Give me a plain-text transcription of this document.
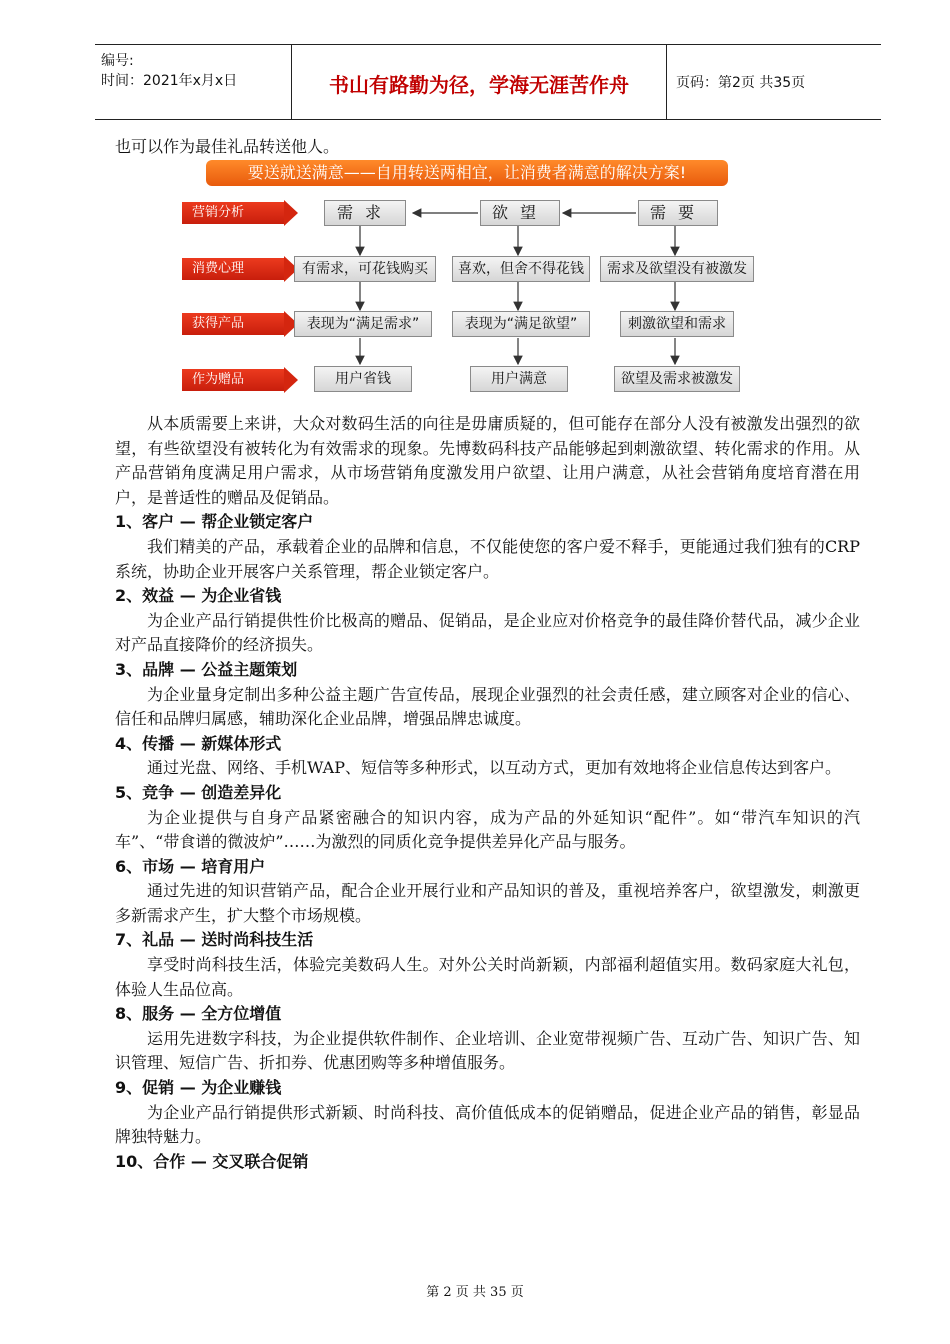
编号:
时间：2021年x月x日	书山有路勤为径，学海无涯苦作舟	页码：第2页 共35页
也可以作为最佳礼品转送他人。
要送就送满意——自用转送两相宜，让消费者满意的解决方案!
营销分析
消费心理
获得产品
作为赠品
需求	欲望	需要
有需求，可花钱购买	喜欢，但舍不得花钱	需求及欲望没有被激发
表现为“满足需求”	表现为“满足欲望”	刺激欲望和需求
用户省钱	用户满意	欲望及需求被激发

从本质需要上来讲，大众对数码生活的向往是毋庸质疑的，但可能存在部分人没有被激发出强烈的欲望，有些欲望没有被转化为有效需求的现象。先博数码科技产品能够起到刺激欲望、转化需求的作用。从产品营销角度满足用户需求，从市场营销角度激发用户欲望、让用户满意，从社会营销角度培育潜在用户，是普适性的赠品及促销品。

1、客户 — 帮企业锁定客户

我们精美的产品，承载着企业的品牌和信息，不仅能使您的客户爱不释手，更能通过我们独有的CRP系统，协助企业开展客户关系管理，帮企业锁定客户。

2、效益 — 为企业省钱

为企业产品行销提供性价比极高的赠品、促销品，是企业应对价格竞争的最佳降价替代品，减少企业对产品直接降价的经济损失。

3、品牌 — 公益主题策划

为企业量身定制出多种公益主题广告宣传品，展现企业强烈的社会责任感，建立顾客对企业的信心、信任和品牌归属感，辅助深化企业品牌，增强品牌忠诚度。

4、传播 — 新媒体形式

通过光盘、网络、手机WAP、短信等多种形式，以互动方式，更加有效地将企业信息传达到客户。

5、竞争 — 创造差异化

为企业提供与自身产品紧密融合的知识内容，成为产品的外延知识“配件”。如“带汽车知识的汽车”、“带食谱的微波炉”……为激烈的同质化竞争提供差异化产品与服务。

6、市场 — 培育用户

通过先进的知识营销产品，配合企业开展行业和产品知识的普及，重视培养客户，欲望激发，刺激更多新需求产生，扩大整个市场规模。

7、礼品 — 送时尚科技生活

享受时尚科技生活，体验完美数码人生。对外公关时尚新颖，内部福利超值实用。数码家庭大礼包，体验人生品位高。

8、服务 — 全方位增值

运用先进数字科技，为企业提供软件制作、企业培训、企业宽带视频广告、互动广告、知识广告、知识管理、短信广告、折扣券、优惠团购等多种增值服务。

9、促销 — 为企业赚钱

为企业产品行销提供形式新颖、时尚科技、高价值低成本的促销赠品，促进企业产品的销售，彰显品牌独特魅力。

10、合作 — 交叉联合促销

第 2 页 共 35 页
